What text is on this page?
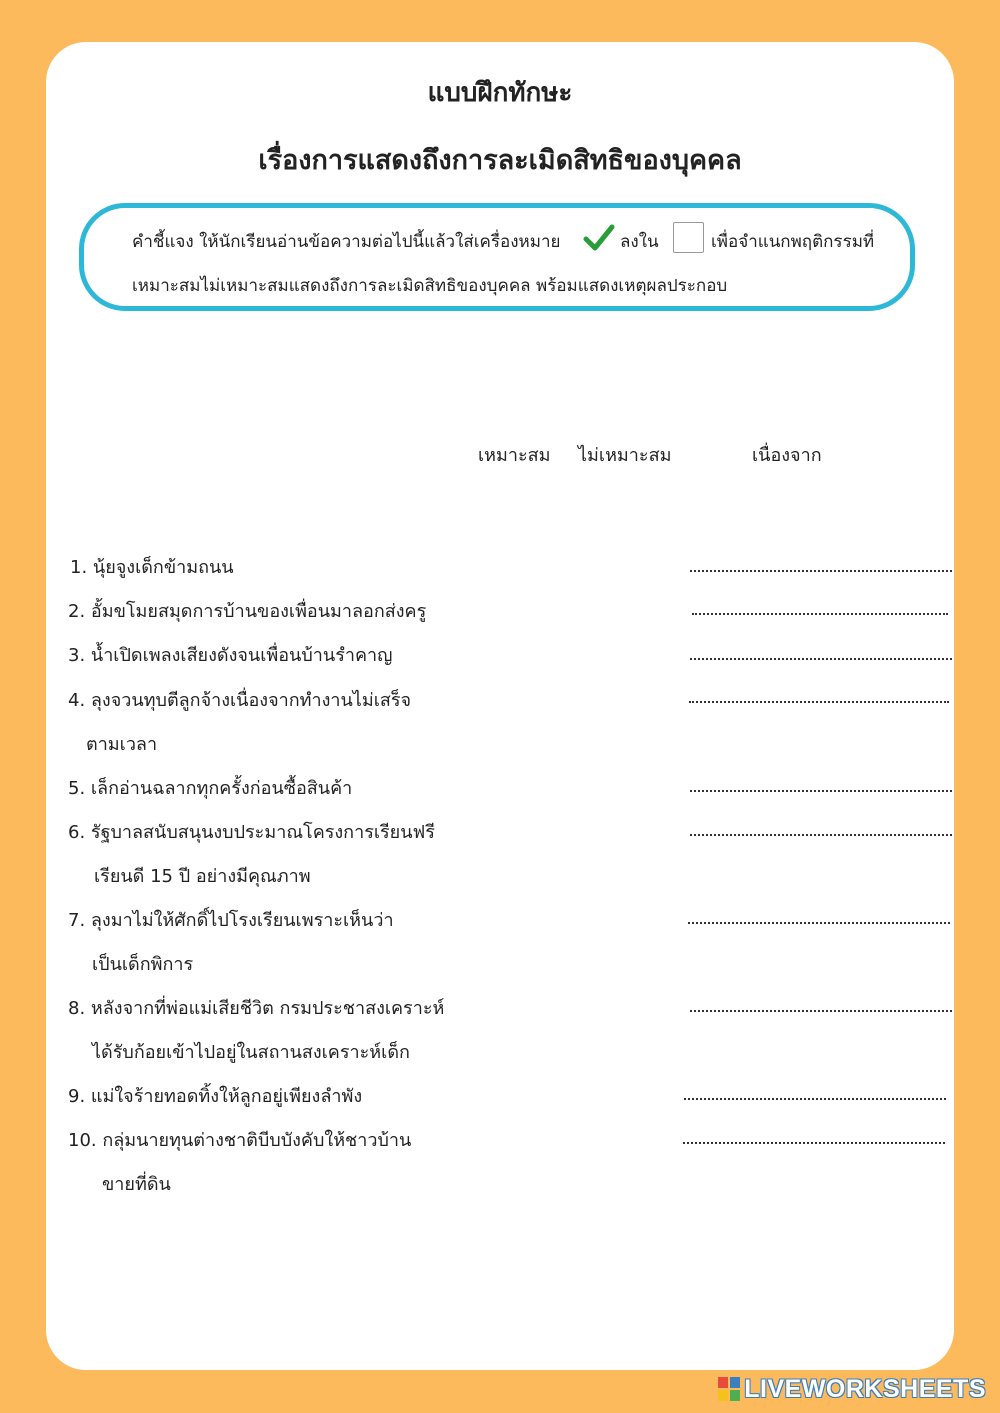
แบบฝึกทักษะ
เรื่องการแสดงถึงการละเมิดสิทธิของบุคคล
คำชี้แจง ให้นักเรียนอ่านข้อความต่อไปนี้แล้วใส่เครื่องหมาย	ลงใน	เพื่อจำแนกพฤติกรรมที่
เหมาะสมไม่เหมาะสมแสดงถึงการละเมิดสิทธิของบุคคล พร้อมแสดงเหตุผลประกอบ
เหมาะสม ไม่เหมาะสม	เนื่องจาก
1. นุ้ยจูงเด็กข้ามถนน
2. อั้มขโมยสมุดการบ้านของเพื่อนมาลอกส่งครู
3. น้ำเปิดเพลงเสียงดังจนเพื่อนบ้านรำคาญ
4. ลุงจวนทุบตีลูกจ้างเนื่องจากทำงานไม่เสร็จ
ตามเวลา
5. เล็กอ่านฉลากทุกครั้งก่อนซื้อสินค้า
6. รัฐบาลสนับสนุนงบประมาณโครงการเรียนฟรี
เรียนดี 15 ปี อย่างมีคุณภาพ
7. ลุงมาไม่ให้ศักดิ์ไปโรงเรียนเพราะเห็นว่า
เป็นเด็กพิการ
8. หลังจากที่พ่อแม่เสียชีวิต กรมประชาสงเคราะห์
ได้รับก้อยเข้าไปอยู่ในสถานสงเคราะห์เด็ก
9. แม่ใจร้ายทอดทิ้งให้ลูกอยู่เพียงลำพัง
10. กลุ่มนายทุนต่างชาติบีบบังคับให้ชาวบ้าน
ขายที่ดิน
LIVEWORKSHEETS
